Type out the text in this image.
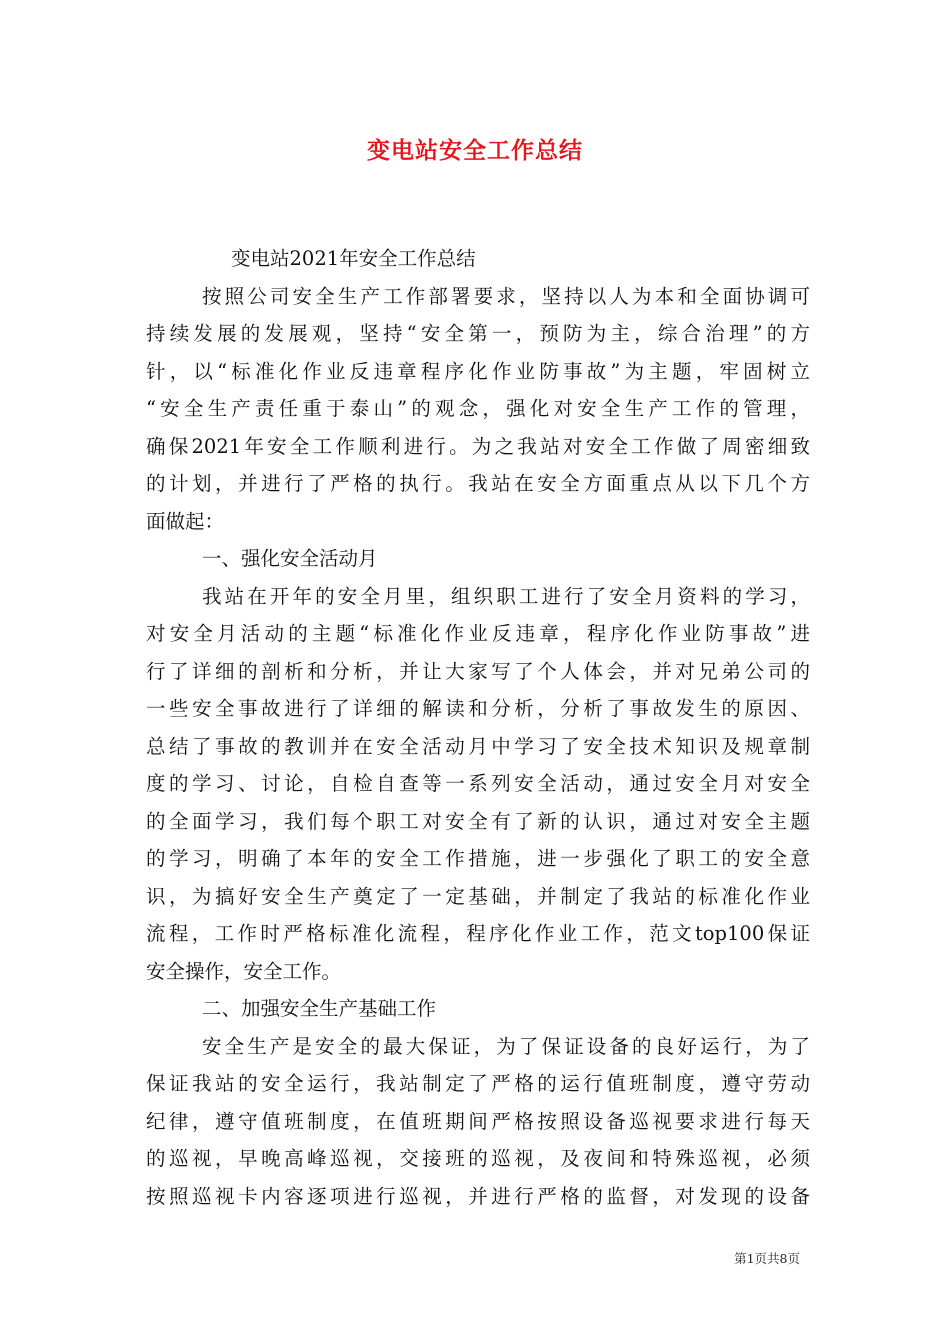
变电站安全工作总结
变电站2021年安全工作总结
按照公司安全生产工作部署要求，坚持以人为本和全面协调可
持续发展的发展观，坚持“安全第一，预防为主，综合治理”的方
针，以“标准化作业反违章程序化作业防事故”为主题，牢固树立
“安全生产责任重于泰山”的观念，强化对安全生产工作的管理，
确保2021年安全工作顺利进行。为之我站对安全工作做了周密细致
的计划，并进行了严格的执行。我站在安全方面重点从以下几个方
面做起：
一、强化安全活动月
我站在开年的安全月里，组织职工进行了安全月资料的学习，
对安全月活动的主题“标准化作业反违章，程序化作业防事故”进
行了详细的剖析和分析，并让大家写了个人体会，并对兄弟公司的
一些安全事故进行了详细的解读和分析，分析了事故发生的原因、
总结了事故的教训并在安全活动月中学习了安全技术知识及规章制
度的学习、讨论，自检自查等一系列安全活动，通过安全月对安全
的全面学习，我们每个职工对安全有了新的认识，通过对安全主题
的学习，明确了本年的安全工作措施，进一步强化了职工的安全意
识，为搞好安全生产奠定了一定基础，并制定了我站的标准化作业
流程，工作时严格标准化流程，程序化作业工作，范文top100保证
安全操作，安全工作。
二、加强安全生产基础工作
安全生产是安全的最大保证，为了保证设备的良好运行，为了
保证我站的安全运行，我站制定了严格的运行值班制度，遵守劳动
纪律，遵守值班制度，在值班期间严格按照设备巡视要求进行每天
的巡视，早晚高峰巡视，交接班的巡视，及夜间和特殊巡视，必须
按照巡视卡内容逐项进行巡视，并进行严格的监督，对发现的设备
第1页共8页
